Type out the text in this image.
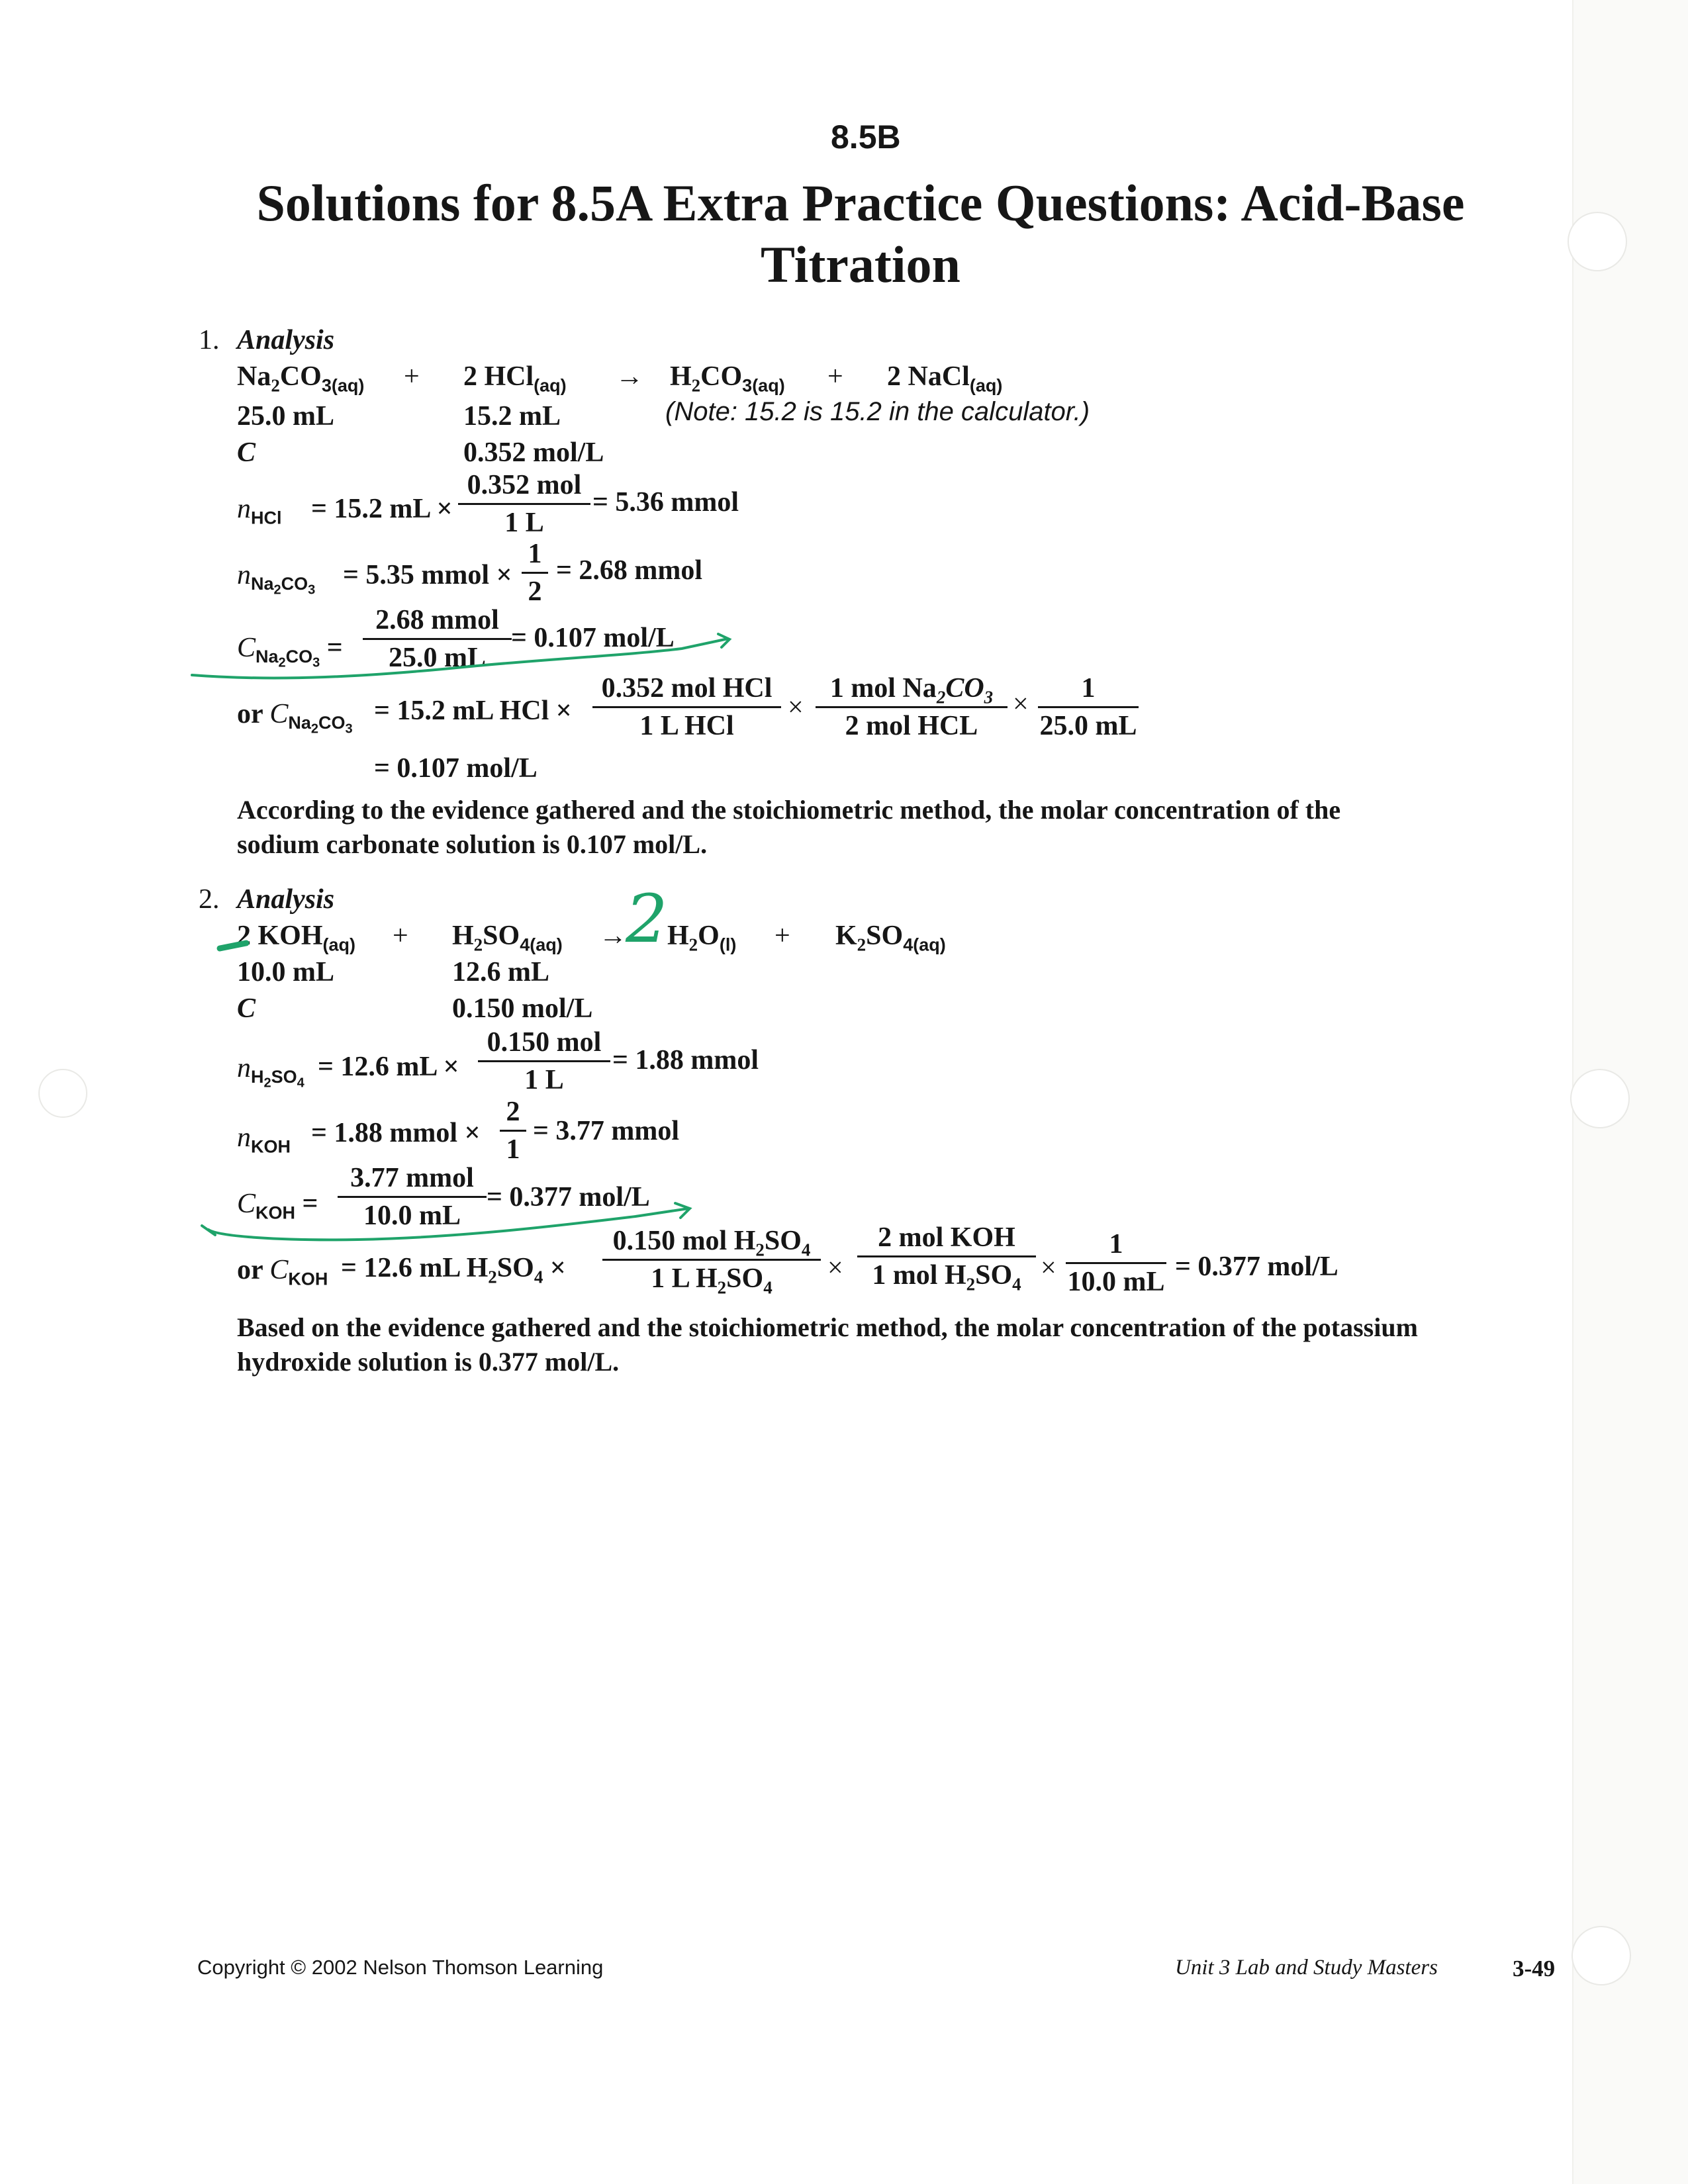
8.5B
Solutions for 8.5A Extra Practice Questions: Acid-Base
Titration
1. Analysis
$Na_2CO_{3(aq)} + 2$ $HCl_{(aq)} \to H_2CO_{3(aq)} + 2$ NaCl$_{(aq)}$
25.0 mL	15.2 mL	(Note: 15.2 is 15.2 in the calculator.)
C	0.352 mol/L
$n_{HCl} = 15.2$ mL ×
0.352 mol
1 L
= 5.36 mmol
$n_{Na_2CO_3} = 5.35$ mmol ×
1
2
= 2.68 mmol
$C_{Na_2CO_3}$ =
2.68 mmol
25.0 mL
= 0.107 mol/L
or $C_{Na_2CO_3}$
= 15.2 mL HCl ×
0.352 mol HCl
1 L HCl
×
1 mol $Na_2CO_3$
2 mol HCL
×
1
25.0 mL
= 0.107 mol/L
According to the evidence gathered and the stoichiometric method, the molar concentration of the sodium carbonate solution is 0.107 mol/L.
2. Analysis
2 $KOH_{(aq)} + H_2SO_{4(aq)}$ →
2 $H_2O_{(l)} + K_2SO_{4(aq)}$
10.0 mL	12.6 mL
C	0.150 mol/L
$n_{H_2SO_4}$
= 12.6 mL ×
0.150 mol
1 L
= 1.88 mmol
$n_{KOH} = 1.88$ mmol ×
2
1
= 3.77 mmol
$C_{KOH}$ =
3.77 mmol
10.0 mL
= 0.377 mol/L
or $C_{KOH} = 12.6$ mL $H_2SO_4$ ×
0.150 mol $H_2SO_4$
1 L $H_2SO_4$
×
2 mol KOH
1 mol $H_2SO_4$
×
1
10.0 mL = 0.377 mol/L
Based on the evidence gathered and the stoichiometric method, the molar concentration of the potassium hydroxide solution is 0.377 mol/L.
Copyright © 2002 Nelson Thomson Learning	Unit 3 Lab and Study Masters	3-49
